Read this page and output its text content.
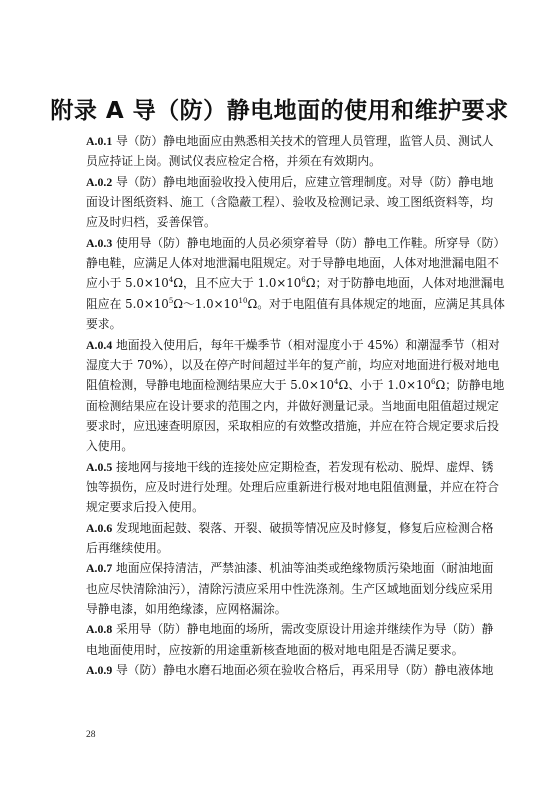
附录 A 导（防）静电地面的使用和维护要求

A.0.1 导（防）静电地面应由熟悉相关技术的管理人员管理，监管人员、测试人

员应持证上岗。测试仪表应检定合格，并须在有效期内。

A.0.2 导（防）静电地面验收投入使用后，应建立管理制度。对导（防）静电地

面设计图纸资料、施工（含隐蔽工程）、验收及检测记录、竣工图纸资料等，均

应及时归档，妥善保管。

A.0.3 使用导（防）静电地面的人员必须穿着导（防）静电工作鞋。所穿导（防）

静电鞋，应满足人体对地泄漏电阻规定。对于导静电地面，人体对地泄漏电阻不

应小于 $5.0\times 10^4\Omega$，且不应大于 $1.0\times 10^6\Omega$；对于防静电地面，人体对地泄漏电

阻应在 $5.0\times 10^5\Omega\sim 1.0\times 10^{10}\Omega$。对于电阻值有具体规定的地面，应满足其具体

要求。

A.0.4 地面投入使用后，每年干燥季节（相对湿度小于 45%）和潮湿季节（相对

湿度大于 70%），以及在停产时间超过半年的复产前，均应对地面进行极对地电

阻值检测，导静电地面检测结果应大于 $5.0\times 10^4\Omega$、小于 $1.0\times 10^6\Omega$；防静电地

面检测结果应在设计要求的范围之内，并做好测量记录。当地面电阻值超过规定

要求时，应迅速查明原因，采取相应的有效整改措施，并应在符合规定要求后投

入使用。

A.0.5 接地网与接地干线的连接处应定期检查，若发现有松动、脱焊、虚焊、锈

蚀等损伤，应及时进行处理。处理后应重新进行极对地电阻值测量，并应在符合

规定要求后投入使用。

A.0.6 发现地面起鼓、裂落、开裂、破损等情况应及时修复，修复后应检测合格

后再继续使用。

A.0.7 地面应保持清洁，严禁油漆、机油等油类或绝缘物质污染地面（耐油地面

也应尽快清除油污），清除污渍应采用中性洗涤剂。生产区域地面划分线应采用

导静电漆，如用绝缘漆，应网格漏涂。

A.0.8 采用导（防）静电地面的场所，需改变原设计用途并继续作为导（防）静

电地面使用时，应按新的用途重新核查地面的极对地电阻是否满足要求。

A.0.9 导（防）静电水磨石地面必须在验收合格后，再采用导（防）静电液体地

28
